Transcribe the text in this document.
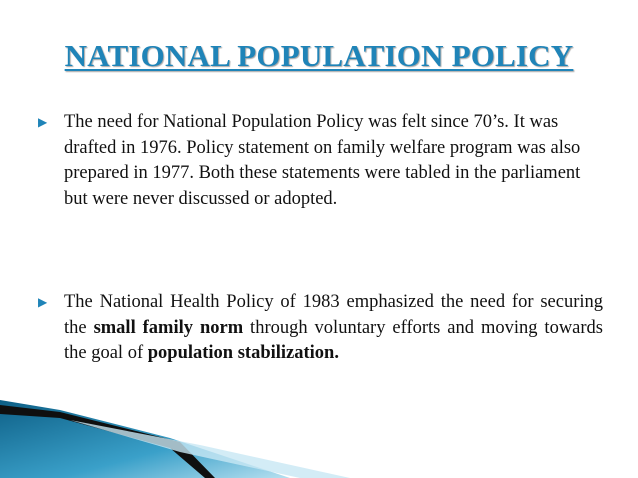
NATIONAL POPULATION POLICY
▶ The need for National Population Policy was felt since 70’s. It was drafted in 1976. Policy statement on family welfare program was also prepared in 1977. Both these statements were tabled in the parliament but were never discussed or adopted.
▶ The National Health Policy of 1983 emphasized the need for securing the small family norm through voluntary efforts and moving towards the goal of population stabilization.
